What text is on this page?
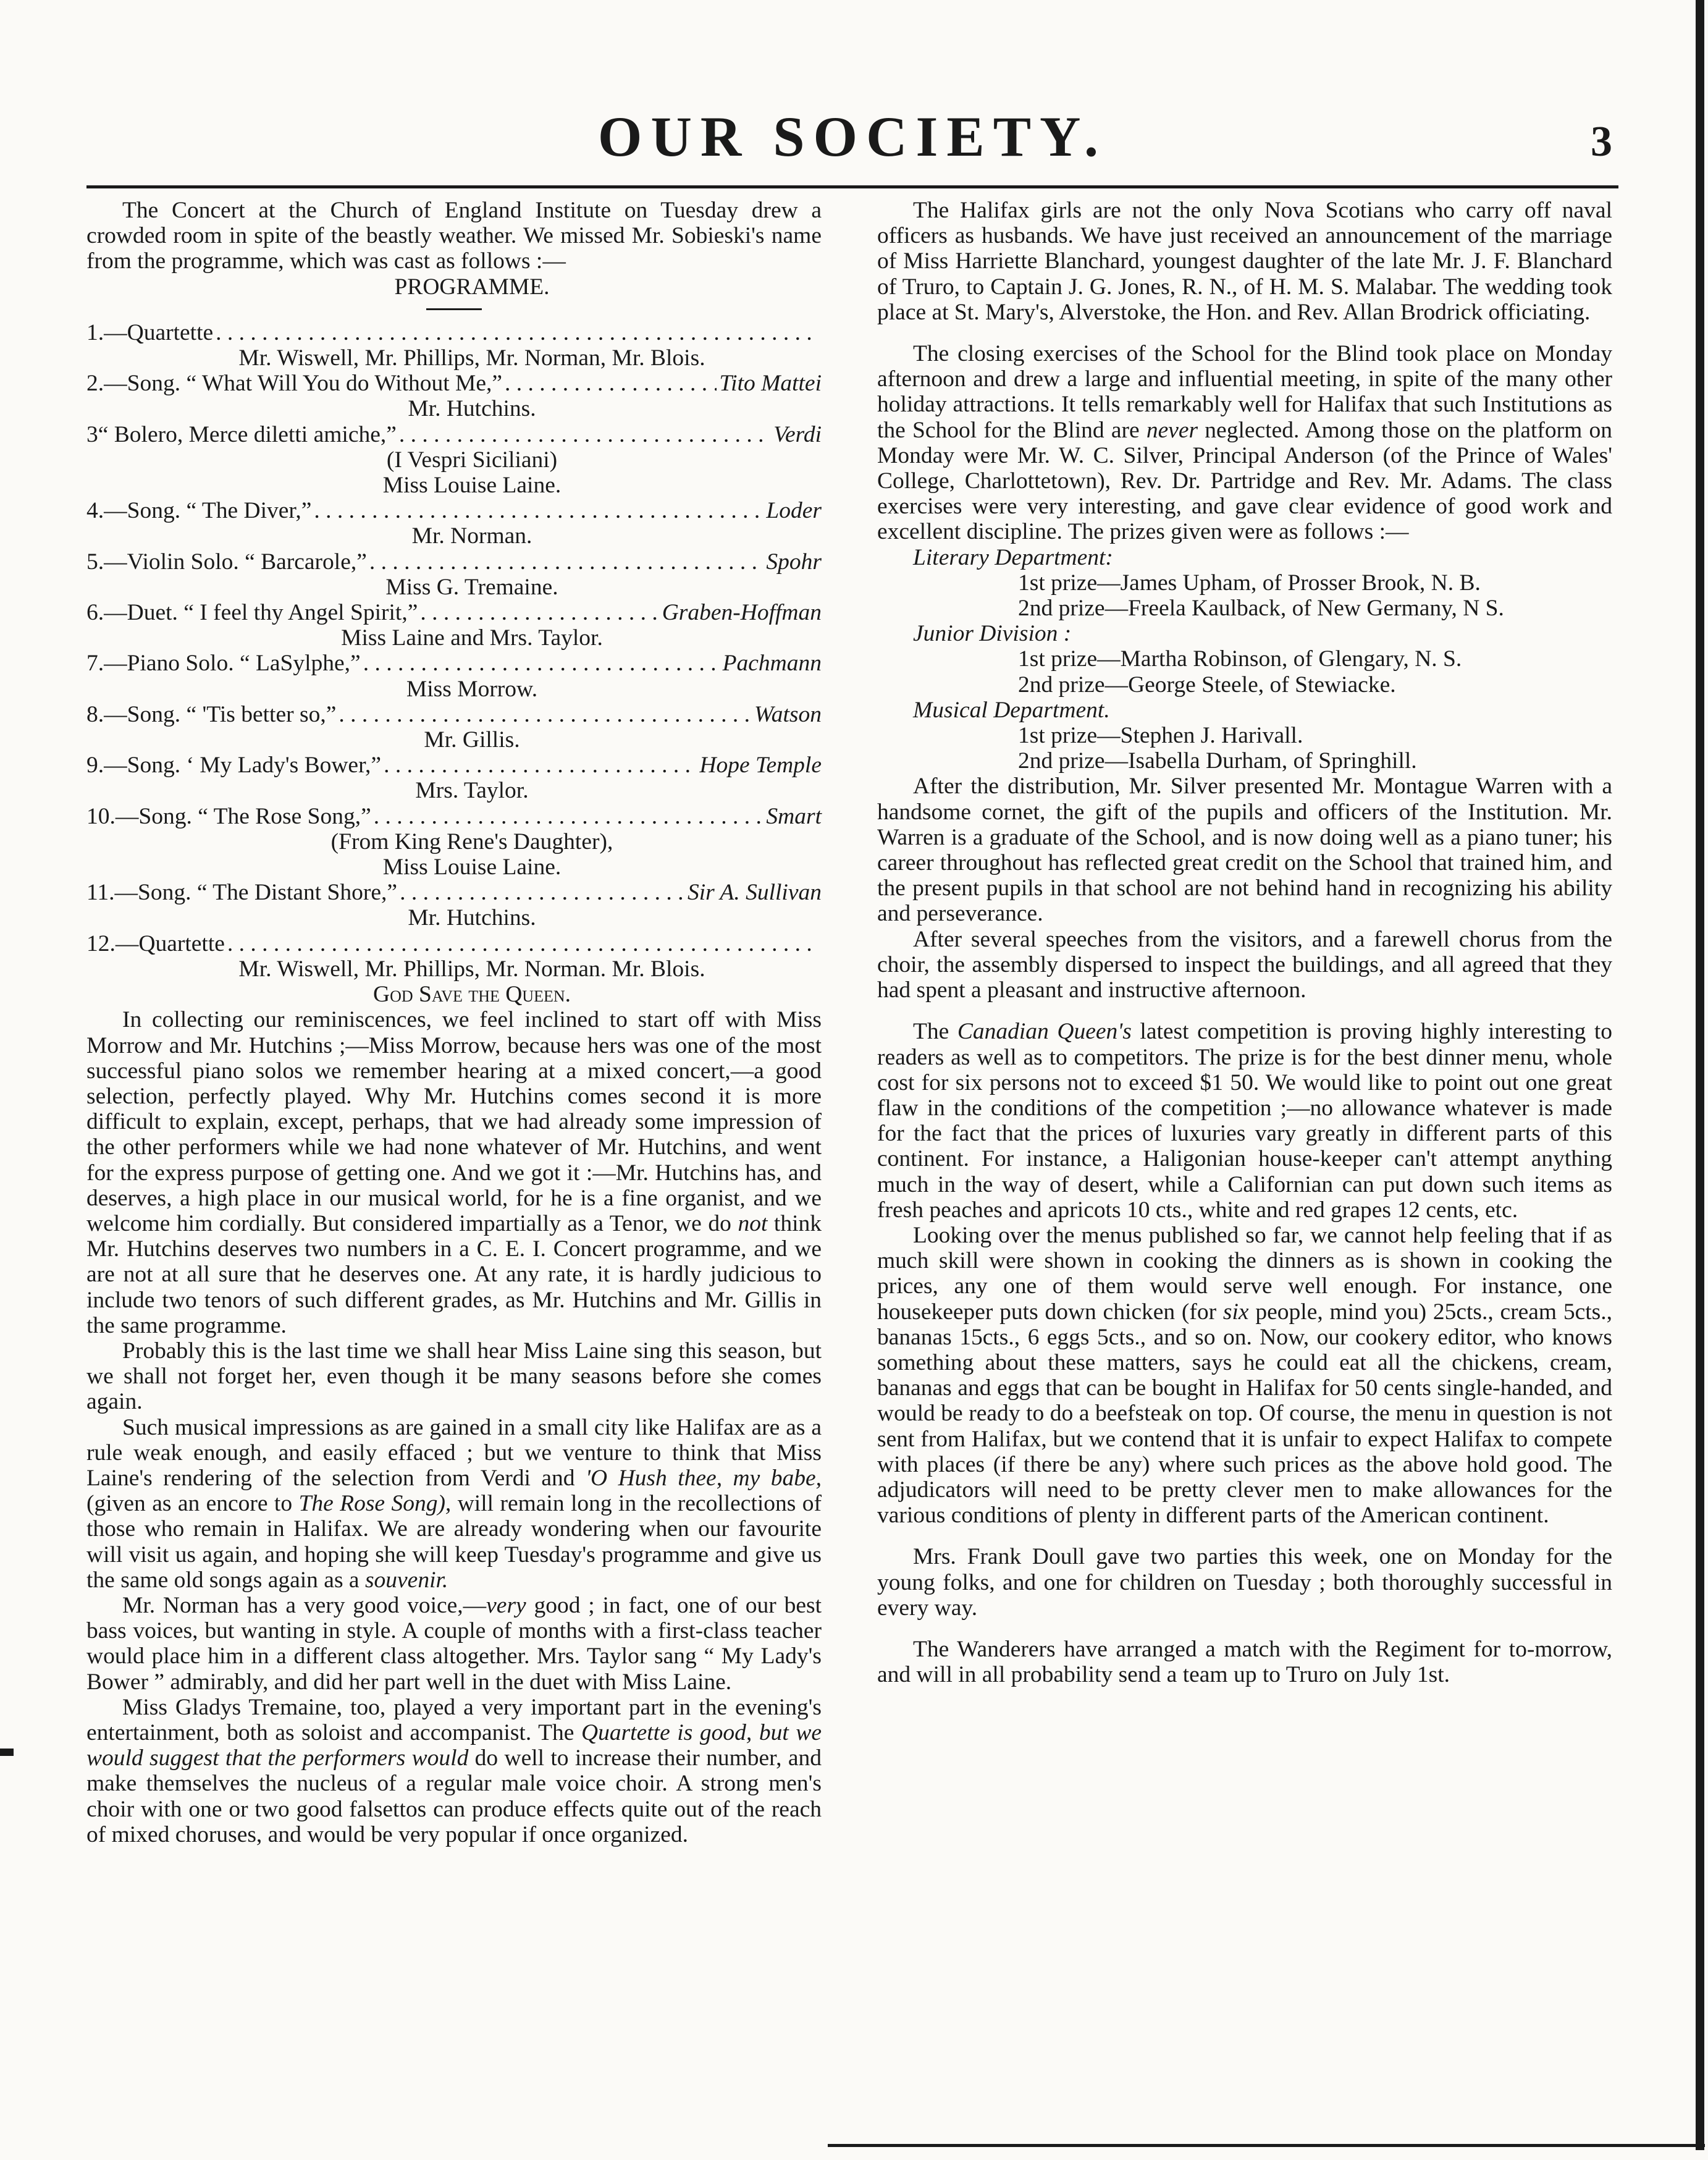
OUR SOCIETY.	3

The Concert at the Church of England Institute on Tuesday drew a crowded room in spite of the beastly weather. We missed Mr. Sobieski's name from the programme, which was cast as follows :—

PROGRAMME.

1.— Quartette
. . .

Mr. Wiswell, Mr. Phillips, Mr. Norman, Mr. Blois.

2.— Song. “ What Will You do Without Me,” . . .	Tito Mattei

Mr. Hutchins.

3 “ Bolero, Merce diletti amiche,” . . .	Verdi

(I Vespri Siciliani)

Miss Louise Laine.

4.— Song. “ The Diver,” . . .	Loder

Mr. Norman.

5.— Violin Solo. “ Barcarole,” . . .	Spohr

Miss G. Tremaine.

6.— Duet. “ I feel thy Angel Spirit,” . . .	Graben-Hoffman

Miss Laine and Mrs. Taylor.

7.— Piano Solo. “ LaSylphe,” . . .	Pachmann

Miss Morrow.

8.— Song. “ 'Tis better so,” . . .	Watson

Mr. Gillis.

9.— Song. ‘ My Lady's Bower,” . . .	Hope Temple

Mrs. Taylor.

10.— Song. “ The Rose Song,” . . .	Smart

(From King Rene's Daughter),

Miss Louise Laine.

11.— Song. “ The Distant Shore,” . . .	Sir A. Sullivan

Mr. Hutchins.

12.— Quartette
. . .

Mr. Wiswell, Mr. Phillips, Mr. Norman. Mr. Blois.

God Save the Queen.

In collecting our reminiscences, we feel inclined to start off with Miss Morrow and Mr. Hutchins ;—Miss Morrow, because hers was one of the most successful piano solos we remember hearing at a mixed concert,—a good selection, perfectly played. Why Mr. Hutchins comes second it is more difficult to explain, except, perhaps, that we had already some impression of the other performers while we had none whatever of Mr. Hutchins, and went for the express purpose of getting one. And we got it :—Mr. Hutchins has, and deserves, a high place in our musical world, for he is a fine organist, and we welcome him cordially. But considered impartially as a Tenor, we do not think Mr. Hutchins deserves two numbers in a C. E. I. Concert programme, and we are not at all sure that he deserves one. At any rate, it is hardly judicious to include two tenors of such different grades, as Mr. Hutchins and Mr. Gillis in the same programme.

Probably this is the last time we shall hear Miss Laine sing this season, but we shall not forget her, even though it be many seasons before she comes again.

Such musical impressions as are gained in a small city like Halifax are as a rule weak enough, and easily effaced ; but we venture to think that Miss Laine's rendering of the selection from Verdi and 'O Hush thee, my babe, (given as an encore to The Rose Song), will remain long in the recollections of those who remain in Halifax. We are already wondering when our favourite will visit us again, and hoping she will keep Tuesday's programme and give us the same old songs again as a souvenir.

Mr. Norman has a very good voice,—very good ; in fact, one of our best bass voices, but wanting in style. A couple of months with a first-class teacher would place him in a different class altogether. Mrs. Taylor sang “ My Lady's Bower ” admirably, and did her part well in the duet with Miss Laine.

Miss Gladys Tremaine, too, played a very important part in the evening's entertainment, both as soloist and accompanist. The Quartette is good, but we would suggest that the performers would do well to increase their number, and make themselves the nucleus of a regular male voice choir. A strong men's choir with one or two good falsettos can produce effects quite out of the reach of mixed choruses, and would be very popular if once organized.

The Halifax girls are not the only Nova Scotians who carry off naval officers as husbands. We have just received an announcement of the marriage of Miss Harriette Blanchard, youngest daughter of the late Mr. J. F. Blanchard of Truro, to Captain J. G. Jones, R. N., of H. M. S. Malabar. The wedding took place at St. Mary's, Alverstoke, the Hon. and Rev. Allan Brodrick officiating.

The closing exercises of the School for the Blind took place on Monday afternoon and drew a large and influential meeting, in spite of the many other holiday attractions. It tells remarkably well for Halifax that such Institutions as the School for the Blind are never neglected. Among those on the platform on Monday were Mr. W. C. Silver, Principal Anderson (of the Prince of Wales' College, Charlottetown), Rev. Dr. Partridge and Rev. Mr. Adams. The class exercises were very interesting, and gave clear evidence of good work and excellent discipline. The prizes given were as follows :—

Literary Department:

1st prize—James Upham, of Prosser Brook, N. B.

2nd prize—Freela Kaulback, of New Germany, N S.

Junior Division :

1st prize—Martha Robinson, of Glengary, N. S.

2nd prize—George Steele, of Stewiacke.

Musical Department.

1st prize—Stephen J. Harivall.

2nd prize—Isabella Durham, of Springhill.

After the distribution, Mr. Silver presented Mr. Montague Warren with a handsome cornet, the gift of the pupils and officers of the Institution. Mr. Warren is a graduate of the School, and is now doing well as a piano tuner; his career throughout has reflected great credit on the School that trained him, and the present pupils in that school are not behind hand in recognizing his ability and perseverance.

After several speeches from the visitors, and a farewell chorus from the choir, the assembly dispersed to inspect the buildings, and all agreed that they had spent a pleasant and instructive afternoon.

The Canadian Queen's latest competition is proving highly interesting to readers as well as to competitors. The prize is for the best dinner menu, whole cost for six persons not to exceed $1 50. We would like to point out one great flaw in the conditions of the competition ;—no allowance whatever is made for the fact that the prices of luxuries vary greatly in different parts of this continent. For instance, a Haligonian house-keeper can't attempt anything much in the way of desert, while a Californian can put down such items as fresh peaches and apricots 10 cts., white and red grapes 12 cents, etc.

Looking over the menus published so far, we cannot help feeling that if as much skill were shown in cooking the dinners as is shown in cooking the prices, any one of them would serve well enough. For instance, one housekeeper puts down chicken (for six people, mind you) 25cts., cream 5cts., bananas 15cts., 6 eggs 5cts., and so on. Now, our cookery editor, who knows something about these matters, says he could eat all the chickens, cream, bananas and eggs that can be bought in Halifax for 50 cents single-handed, and would be ready to do a beefsteak on top. Of course, the menu in question is not sent from Halifax, but we contend that it is unfair to expect Halifax to compete with places (if there be any) where such prices as the above hold good. The adjudicators will need to be pretty clever men to make allowances for the various conditions of plenty in different parts of the American continent.

Mrs. Frank Doull gave two parties this week, one on Monday for the young folks, and one for children on Tuesday ; both thoroughly successful in every way.

The Wanderers have arranged a match with the Regiment for to-morrow, and will in all probability send a team up to Truro on July 1st.
